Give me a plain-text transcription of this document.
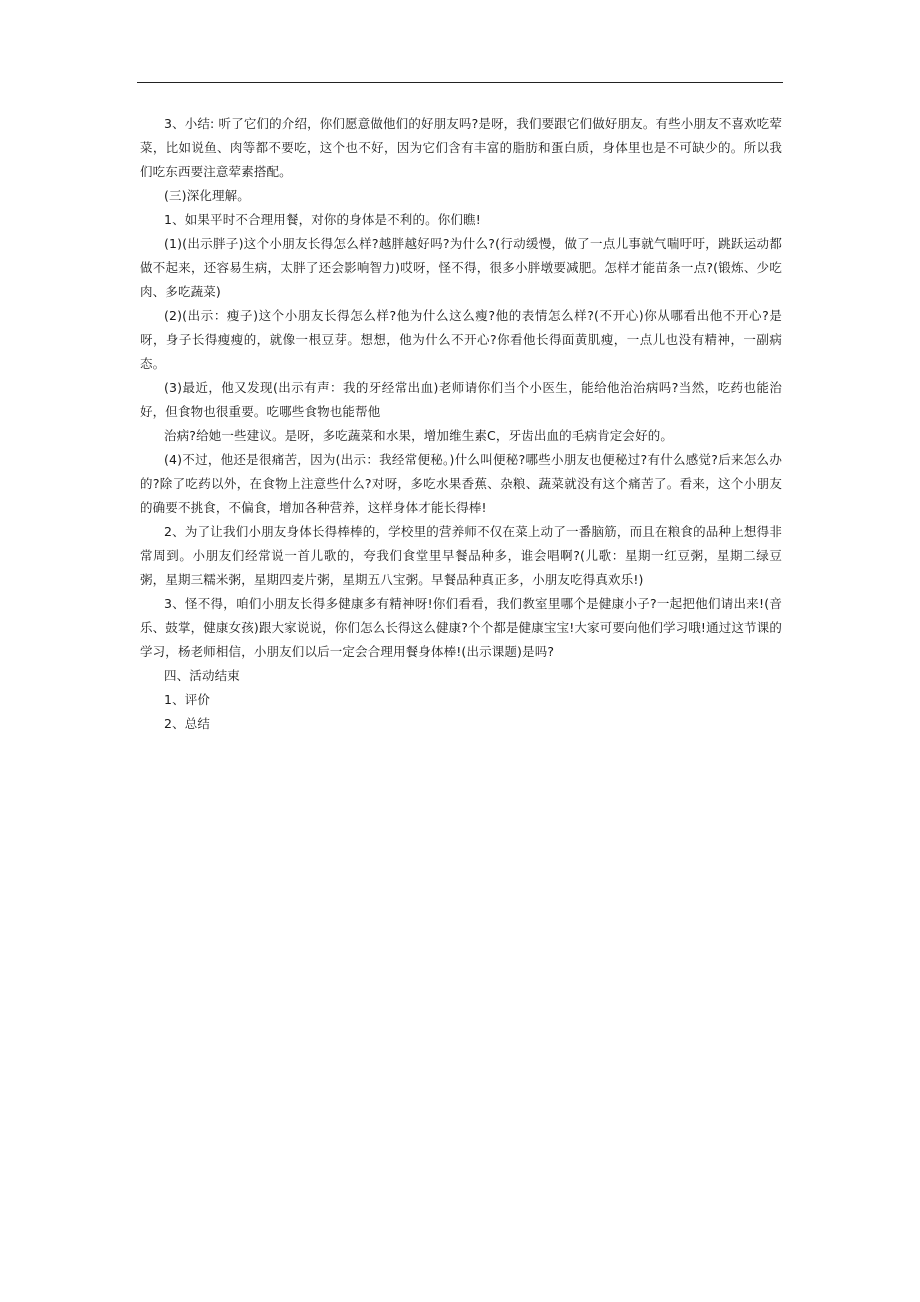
3、小结: 听了它们的介绍，你们愿意做他们的好朋友吗?是呀，我们要跟它们做好朋友。有些小朋友不喜欢吃荤菜，比如说鱼、肉等都不要吃，这个也不好，因为它们含有丰富的脂肪和蛋白质，身体里也是不可缺少的。所以我们吃东西要注意荤素搭配。

(三)深化理解。

1、如果平时不合理用餐，对你的身体是不利的。你们瞧!

(1)(出示胖子)这个小朋友长得怎么样?越胖越好吗?为什么?(行动缓慢，做了一点儿事就气喘吁吁，跳跃运动都做不起来，还容易生病，太胖了还会影响智力)哎呀，怪不得，很多小胖墩要减肥。怎样才能苗条一点?(锻炼、少吃肉、多吃蔬菜)

(2)(出示：瘦子)这个小朋友长得怎么样?他为什么这么瘦?他的表情怎么样?(不开心)你从哪看出他不开心?是呀，身子长得瘦瘦的，就像一根豆芽。想想，他为什么不开心?你看他长得面黄肌瘦，一点儿也没有精神，一副病态。

(3)最近，他又发现(出示有声：我的牙经常出血)老师请你们当个小医生，能给他治治病吗?当然，吃药也能治好，但食物也很重要。吃哪些食物也能帮他

治病?给她一些建议。是呀，多吃蔬菜和水果，增加维生素C，牙齿出血的毛病肯定会好的。

(4)不过，他还是很痛苦，因为(出示：我经常便秘。)什么叫便秘?哪些小朋友也便秘过?有什么感觉?后来怎么办的?除了吃药以外，在食物上注意些什么?对呀，多吃水果香蕉、杂粮、蔬菜就没有这个痛苦了。看来，这个小朋友的确要不挑食，不偏食，增加各种营养，这样身体才能长得棒!

2、为了让我们小朋友身体长得棒棒的，学校里的营养师不仅在菜上动了一番脑筋，而且在粮食的品种上想得非常周到。小朋友们经常说一首儿歌的，夸我们食堂里早餐品种多，谁会唱啊?(儿歌：星期一红豆粥，星期二绿豆粥，星期三糯米粥，星期四麦片粥，星期五八宝粥。早餐品种真正多，小朋友吃得真欢乐!)

3、怪不得，咱们小朋友长得多健康多有精神呀!你们看看，我们教室里哪个是健康小子?一起把他们请出来!(音乐、鼓掌，健康女孩)跟大家说说，你们怎么长得这么健康?个个都是健康宝宝!大家可要向他们学习哦!通过这节课的学习，杨老师相信，小朋友们以后一定会合理用餐身体棒!(出示课题)是吗?

四、活动结束

1、评价

2、总结
